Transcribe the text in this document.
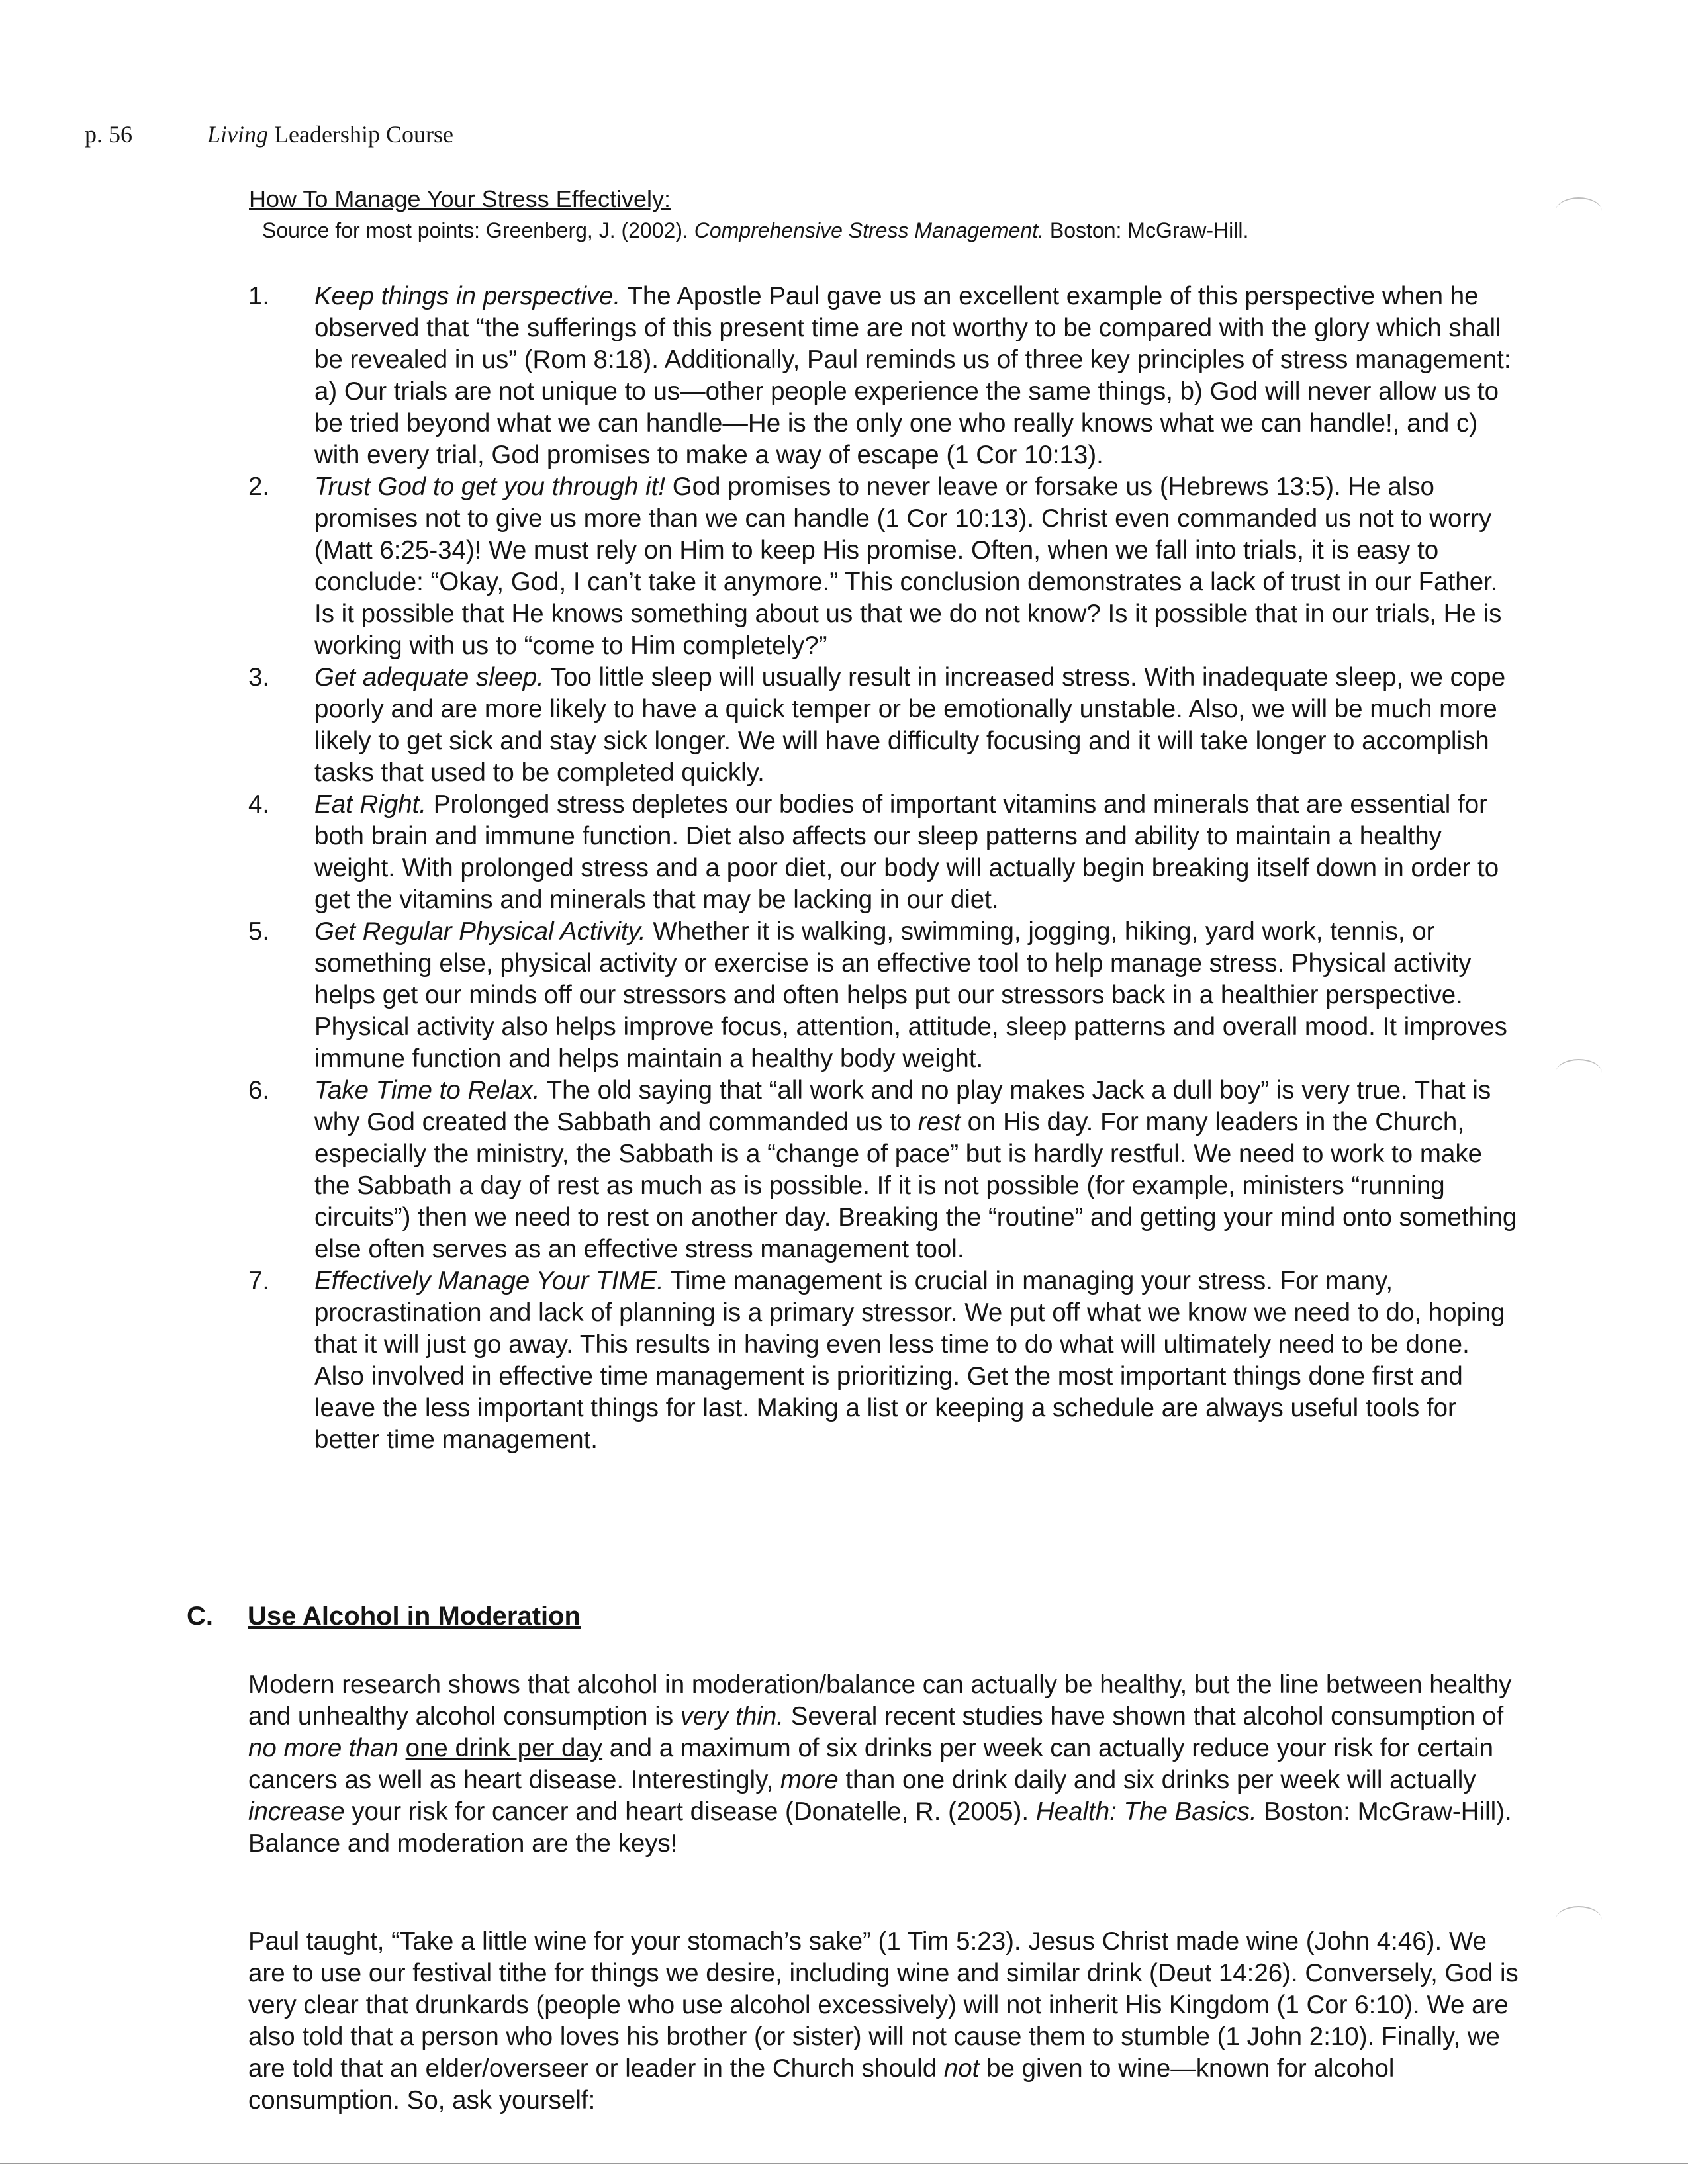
p. 56	Living Leadership Course
How To Manage Your Stress Effectively:
Source for most points: Greenberg, J. (2002). Comprehensive Stress Management. Boston: McGraw-Hill.
1. Keep things in perspective. The Apostle Paul gave us an excellent example of this perspective when he observed that “the sufferings of this present time are not worthy to be compared with the glory which shall be revealed in us” (Rom 8:18). Additionally, Paul reminds us of three key principles of stress management: a) Our trials are not unique to us—other people experience the same things, b) God will never allow us to be tried beyond what we can handle—He is the only one who really knows what we can handle!, and c) with every trial, God promises to make a way of escape (1 Cor 10:13).
2. Trust God to get you through it! God promises to never leave or forsake us (Hebrews 13:5). He also promises not to give us more than we can handle (1 Cor 10:13). Christ even commanded us not to worry (Matt 6:25-34)! We must rely on Him to keep His promise. Often, when we fall into trials, it is easy to conclude: “Okay, God, I can’t take it anymore.” This conclusion demonstrates a lack of trust in our Father. Is it possible that He knows something about us that we do not know? Is it possible that in our trials, He is working with us to “come to Him completely?”
3. Get adequate sleep. Too little sleep will usually result in increased stress. With inadequate sleep, we cope poorly and are more likely to have a quick temper or be emotionally unstable. Also, we will be much more likely to get sick and stay sick longer. We will have difficulty focusing and it will take longer to accomplish tasks that used to be completed quickly.
4. Eat Right. Prolonged stress depletes our bodies of important vitamins and minerals that are essential for both brain and immune function. Diet also affects our sleep patterns and ability to maintain a healthy weight. With prolonged stress and a poor diet, our body will actually begin breaking itself down in order to get the vitamins and minerals that may be lacking in our diet.
5. Get Regular Physical Activity. Whether it is walking, swimming, jogging, hiking, yard work, tennis, or something else, physical activity or exercise is an effective tool to help manage stress. Physical activity helps get our minds off our stressors and often helps put our stressors back in a healthier perspective. Physical activity also helps improve focus, attention, attitude, sleep patterns and overall mood. It improves immune function and helps maintain a healthy body weight.
6. Take Time to Relax. The old saying that “all work and no play makes Jack a dull boy” is very true. That is why God created the Sabbath and commanded us to rest on His day. For many leaders in the Church, especially the ministry, the Sabbath is a “change of pace” but is hardly restful. We need to work to make the Sabbath a day of rest as much as is possible. If it is not possible (for example, ministers “running circuits”) then we need to rest on another day. Breaking the “routine” and getting your mind onto something else often serves as an effective stress management tool.
7. Effectively Manage Your TIME. Time management is crucial in managing your stress. For many, procrastination and lack of planning is a primary stressor. We put off what we know we need to do, hoping that it will just go away. This results in having even less time to do what will ultimately need to be done. Also involved in effective time management is prioritizing. Get the most important things done first and leave the less important things for last. Making a list or keeping a schedule are always useful tools for better time management.
C. Use Alcohol in Moderation

Modern research shows that alcohol in moderation/balance can actually be healthy, but the line between healthy and unhealthy alcohol consumption is very thin. Several recent studies have shown that alcohol consumption of no more than one drink per day and a maximum of six drinks per week can actually reduce your risk for certain cancers as well as heart disease. Interestingly, more than one drink daily and six drinks per week will actually increase your risk for cancer and heart disease (Donatelle, R. (2005). Health: The Basics. Boston: McGraw-Hill). Balance and moderation are the keys!

Paul taught, “Take a little wine for your stomach’s sake” (1 Tim 5:23). Jesus Christ made wine (John 4:46). We are to use our festival tithe for things we desire, including wine and similar drink (Deut 14:26). Conversely, God is very clear that drunkards (people who use alcohol excessively) will not inherit His Kingdom (1 Cor 6:10). We are also told that a person who loves his brother (or sister) will not cause them to stumble (1 John 2:10). Finally, we are told that an elder/overseer or leader in the Church should not be given to wine—known for alcohol consumption. So, ask yourself:
